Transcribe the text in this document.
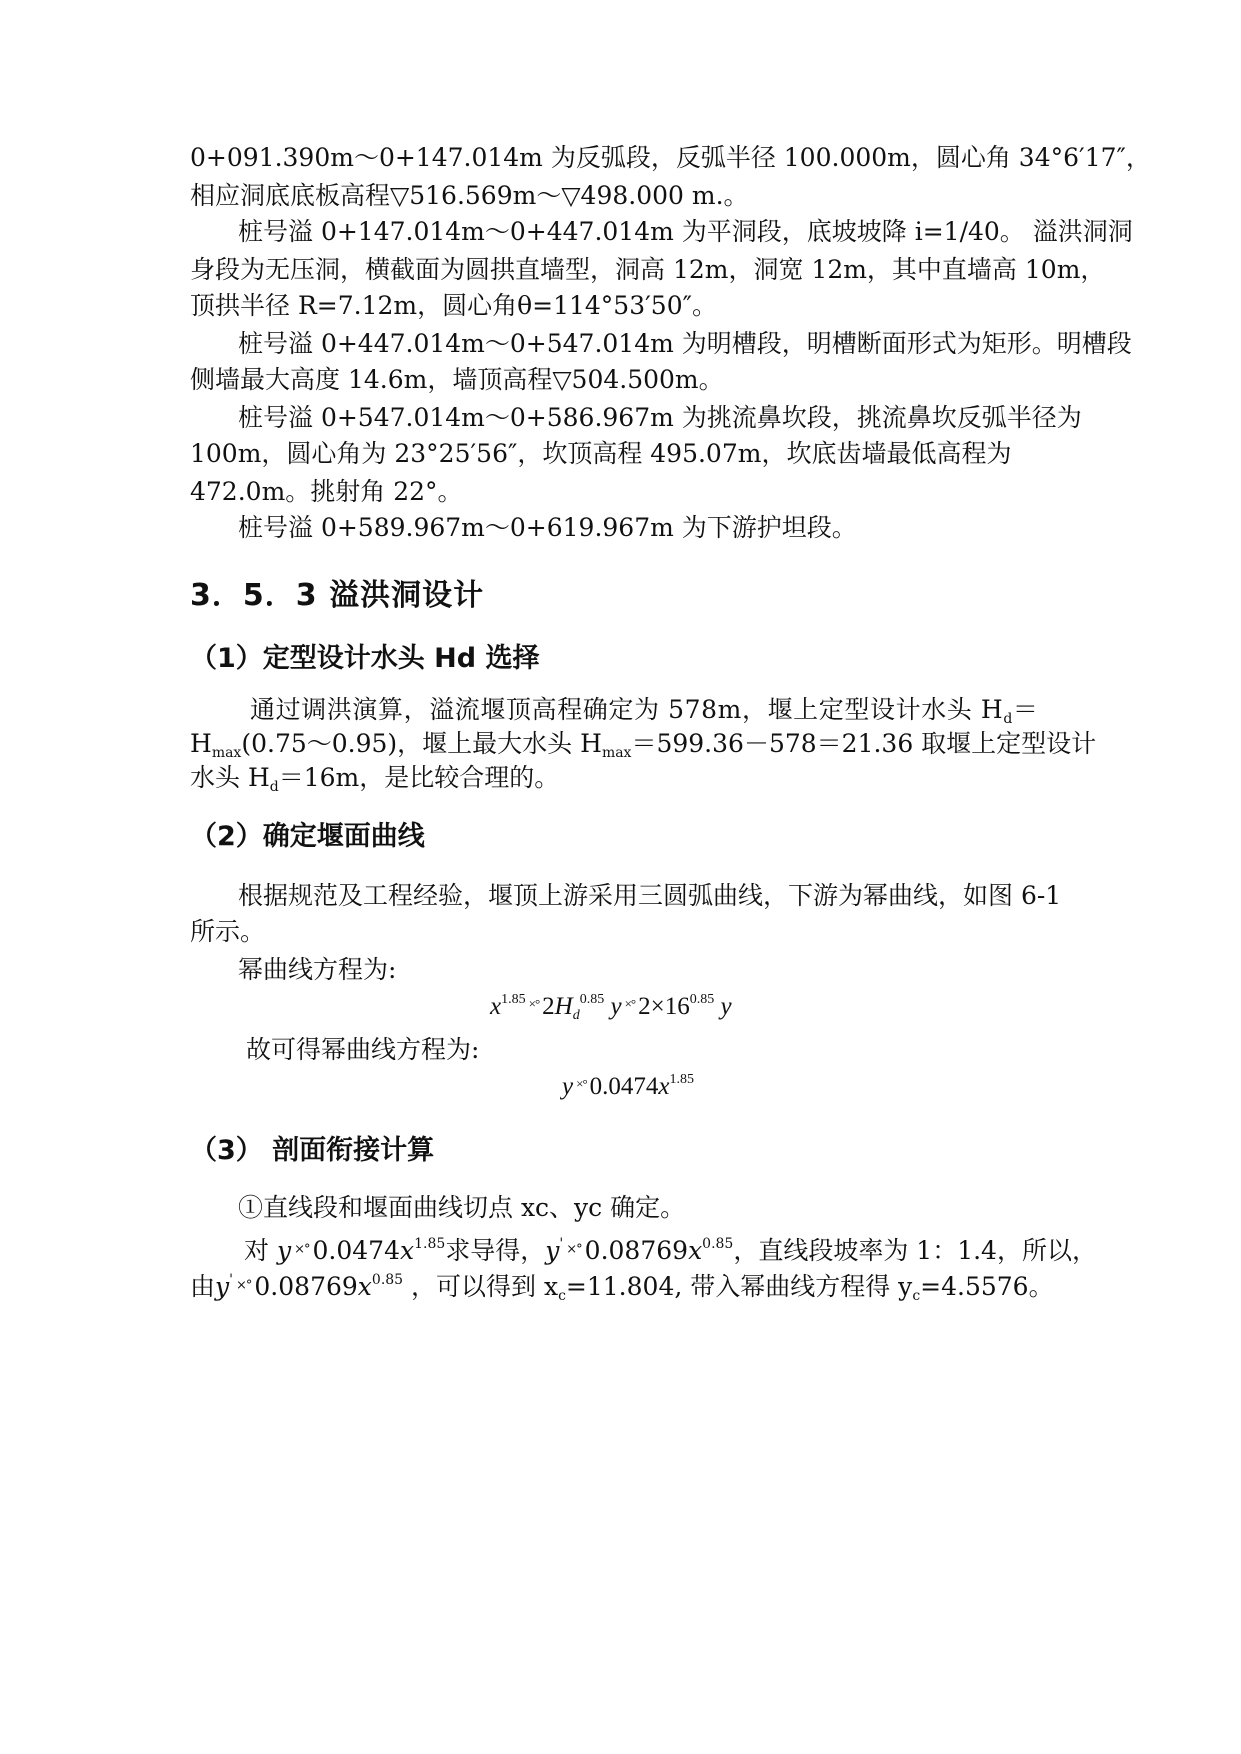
0+091.390m～0+147.014m 为反弧段，反弧半径 100.000m，圆心角 34°6′17″，
相应洞底底板高程▽516.569m～▽498.000 m.。
桩号溢 0+147.014m～0+447.014m 为平洞段，底坡坡降 i=1/40。 溢洪洞洞
身段为无压洞，横截面为圆拱直墙型，洞高 12m，洞宽 12m，其中直墙高 10m，
顶拱半径 R=7.12m，圆心角θ=114°53′50″。
桩号溢 0+447.014m～0+547.014m 为明槽段，明槽断面形式为矩形。明槽段
侧墙最大高度 14.6m，墙顶高程▽504.500m。
桩号溢 0+547.014m～0+586.967m 为挑流鼻坎段，挑流鼻坎反弧半径为
100m，圆心角为 23°25′56″，坎顶高程 495.07m，坎底齿墙最低高程为
472.0m。挑射角 22°。
桩号溢 0+589.967m～0+619.967m 为下游护坦段。
3．5．3 溢洪洞设计
（1）定型设计水头 Hd 选择
通过调洪演算，溢流堰顶高程确定为 578m，堰上定型设计水头 $H_d=$
$H_{max}(0.75\sim 0.95)$，堰上最大水头 $H_{max}=599.36-578=21.36$ 取堰上定型设计
水头 $H_d=16m$，是比较合理的。
（2）确定堰面曲线
根据规范及工程经验，堰顶上游采用三圆弧曲线，下游为幂曲线，如图 6-1
所示。
幂曲线方程为:
$x^{1.85}$ ×° $2H_d^{0.85}$ y ×° $2\times 16^{0.85}$ y
故可得幂曲线方程为:
y ×° $0.0474x^{1.85}$
（3） 剖面衔接计算
①直线段和堰面曲线切点 xc、yc 确定。
对 y ×° $0.0474x^{1.85}$求导得，y' ×° $0.08769x^{0.85}$，直线段坡率为 1：1.4，所以，
由y' ×° $0.08769x^{0.85}$ ，可以得到 $x_c=11.804$, 带入幂曲线方程得 $y_c=4.5576$。
